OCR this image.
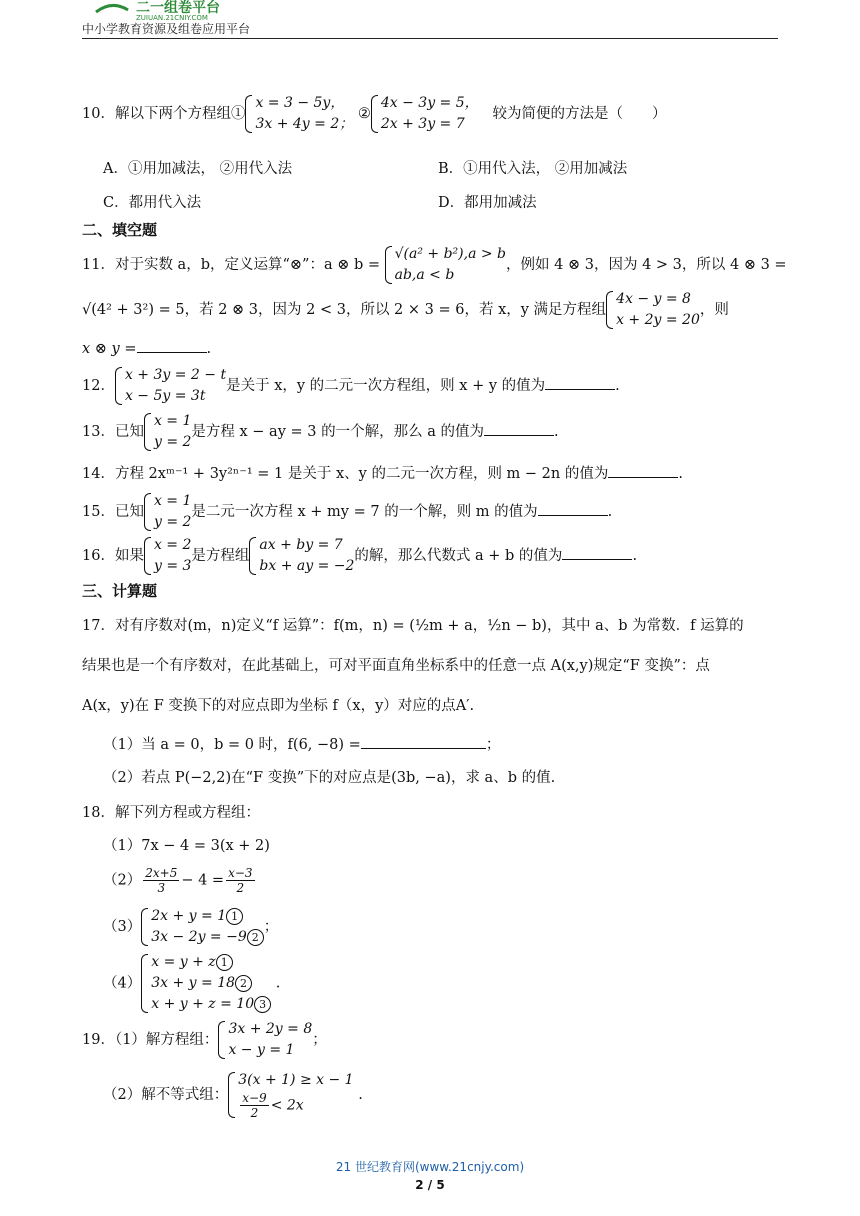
二一组卷平台
ZUJUAN.21CNJY.COM
中小学教育资源及组卷应用平台
10．解以下两个方程组①
x = 3 − 5y，
3x + 4y = 2；
②
4x − 3y = 5，
2x + 3y = 7
较为简便的方法是（　　）
A．①用加减法， ②用代入法	B．①用代入法， ②用加减法
C．都用代入法	D．都用加减法
二、填空题
11．对于实数 a，b，定义运算“⊗”：a ⊗ b =
√(a² + b²),a > b
ab,a < b
，例如 4 ⊗ 3，因为 4 > 3，所以 4 ⊗ 3 =
√(4² + 3²) = 5，若 2 ⊗ 3，因为 2 < 3，所以 2 × 3 = 6，若 x，y 满足方程组
4x − y = 8
x + 2y = 20
，则
x ⊗ y =	.
12．
x + 3y = 2 − t
x − 5y = 3t
是关于 x，y 的二元一次方程组，则 x + y 的值为	.
13．已知
x = 1
y = 2
是方程 x − ay = 3 的一个解，那么 a 的值为	.
14．方程 2xᵐ⁻¹ + 3y²ⁿ⁻¹ = 1 是关于 x、y 的二元一次方程，则 m − 2n 的值为	.
15．已知
x = 1
y = 2
是二元一次方程 x + my = 7 的一个解，则 m 的值为	.
16．如果
x = 2
y = 3
是方程组
ax + by = 7
bx + ay = −2
的解，那么代数式 a + b 的值为	.
三、计算题
17．对有序数对(m，n)定义“f 运算”：f(m，n) = (½m + a，½n − b)，其中 a、b 为常数．f 运算的
结果也是一个有序数对，在此基础上，可对平面直角坐标系中的任意一点 A(x,y)规定“F 变换”：点
A(x，y)在 F 变换下的对应点即为坐标 f（x，y）对应的点A′.
（1）当 a = 0，b = 0 时，f(6, −8) =	；
（2）若点 P(−2,2)在“F 变换”下的对应点是(3b, −a)，求 a、b 的值.
18．解下列方程或方程组：
（1）7x − 4 = 3(x + 2)
$(2) \frac{2x+5}{3} - 4 = \frac{x-3}{2}$
（3）
2x + y = 1 1
3x − 2y = −9 2
；
（4）
x = y + z 1
3x + y = 18 2
x + y + z = 10 3
.
19．（1）解方程组：
3x + 2y = 8
x − y = 1
；
（2）解不等式组：
3(x + 1) ≥ x − 1
$\frac{x-9}{2} < 2x$
.
21 世纪教育网(www.21cnjy.com)
2 / 5
